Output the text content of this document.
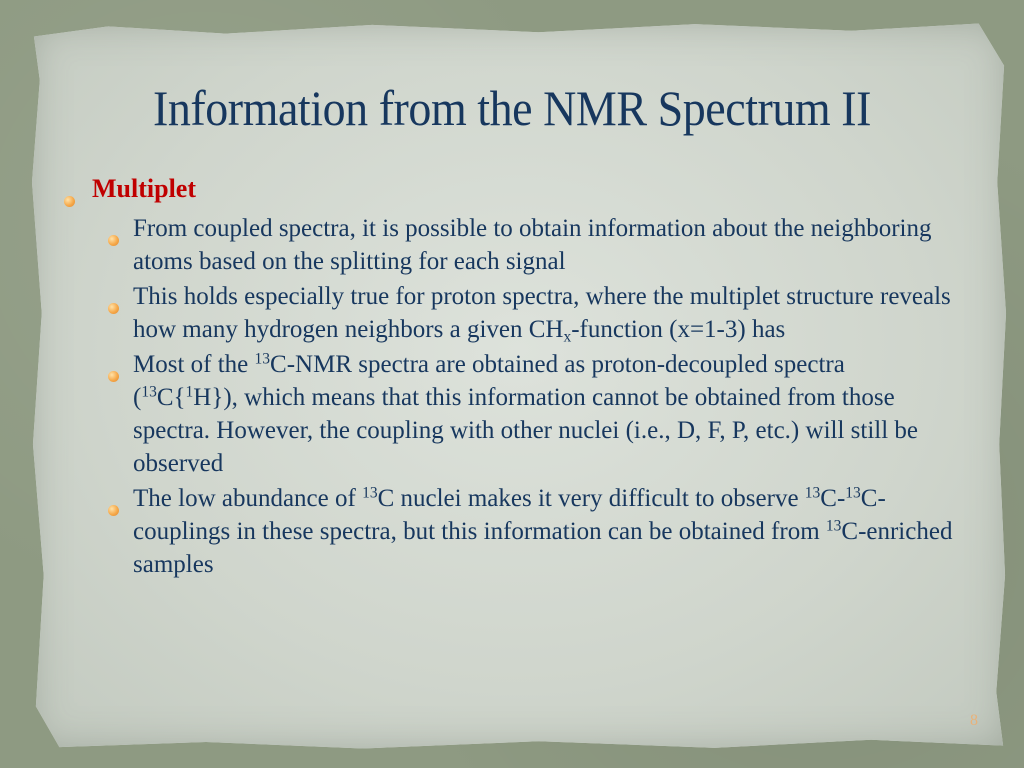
Information from the NMR Spectrum II
Multiplet
From coupled spectra, it is possible to obtain information about the neighboring atoms based on the splitting for each signal
This holds especially true for proton spectra, where the multiplet structure reveals how many hydrogen neighbors a given $CH_x$-function (x=1-3) has
Most of the $^{13}$C-NMR spectra are obtained as proton-decoupled spectra ($^{13}$C{$^1$H}), which means that this information cannot be obtained from those spectra. However, the coupling with other nuclei (i.e., D, F, P, etc.) will still be observed
The low abundance of $^{13}$C nuclei makes it very difficult to observe $^{13}$C-$^{13}$C-couplings in these spectra, but this information can be obtained from $^{13}$C-enriched samples
8
